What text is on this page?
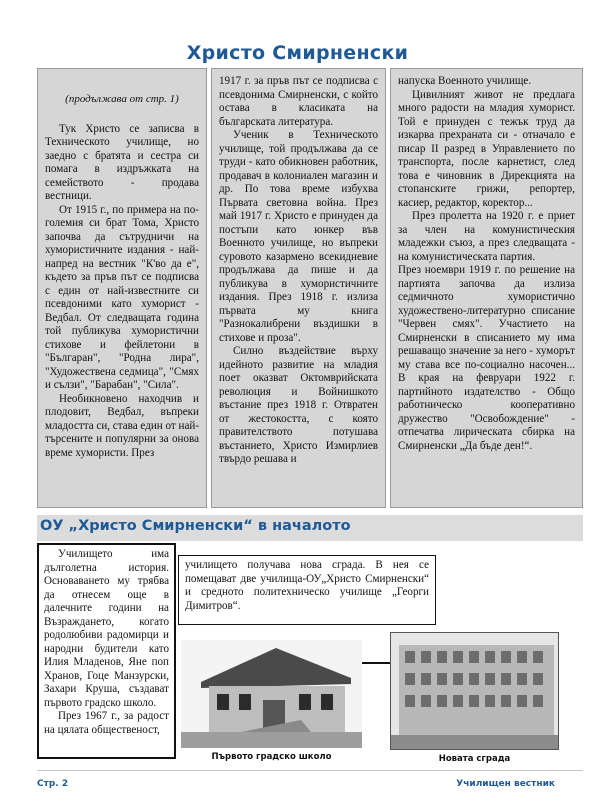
Христо Смирненски

(продължава от стр. 1)

Тук Христо се записва в Техническото училище, но заедно с братята и сестра си помага в издръжката на семейството - продава вестници.

От 1915 г., по примера на по-големия си брат Тома, Христо започва да сътрудничи на хумористичните издания - най-напред на вестник "К'во да е", където за пръв път се подписва с един от най-известните си псевдоними като хуморист - Ведбал. От следващата година той публикува хумористични стихове и фейлетони в "Българан", "Родна лира", "Художествена седмица", "Смях и сълзи", "Барабан", "Сила".

Необикновено находчив и плодовит, Ведбал, въпреки младостта си, става един от най-търсените и популярни за онова време хумористи. През

1917 г. за пръв път се подписва с псевдонима Смирненски, с който остава в класиката на българската литература.

Ученик в Техническото училище, той продължава да се труди - като обикновен работник, продавач в колониален магазин и др. По това време избухва Първата световна война. През май 1917 г. Христо е принуден да постъпи като юнкер във Военното училище, но въпреки суровото казармено всекидневие продължава да пише и да публикува в хумористичните издания. През 1918 г. излиза първата му книга "Разнокалибрени въздишки в стихове и проза".

Силно въздействие върху идейното развитие на младия поет оказват Октомврийската революция и Войнишкото въстание през 1918 г. Отвратен от жестокостта, с която правителството потушава въстанието, Христо Измирлиев твърдо решава и

напуска Военното училище.

Цивилният живот не предлага много радости на младия хуморист. Той е принуден с тежък труд да изкарва прехраната си - отначало е писар II разред в Управлението по транспорта, после карнетист, след това е чиновник в Дирекцията на стопанските грижи, репортер, касиер, редактор, коректор...

През пролетта на 1920 г. е приет за член на комунистическия младежки съюз, а през следващата - на комунистическата партия.

През ноември 1919 г. по решение на партията започва да излиза седмичното хумористично художествено-литературно списание "Червен смях". Участието на Смирненски в списанието му има решаващо значение за него - хуморът му става все по-социално насочен... В края на февруари 1922 г. партийното издателство - Общо работническо кооперативно дружество "Освобождение" - отпечатва лирическата сбирка на Смирненски „Да бъде ден!“.

ОУ „Христо Смирненски“ в началото

Училището има дълголетна история. Основаването му трябва да отнесем още в далечните години на Възраждането, когато родолюбиви радомирци и народни будители като Илия Младенов, Яне поп Хранов, Гоце Манзурски, Захари Круша, създават първото градско школо.

През 1967 г., за радост на цялата общественост,

училището получава нова сграда. В нея се помещават две училища-ОУ„Христо Смирненски“ и средното политехническо училище „Георги Димитров“.
Първото градско школо	Новата сграда
Стр. 2	Училищен вестник
